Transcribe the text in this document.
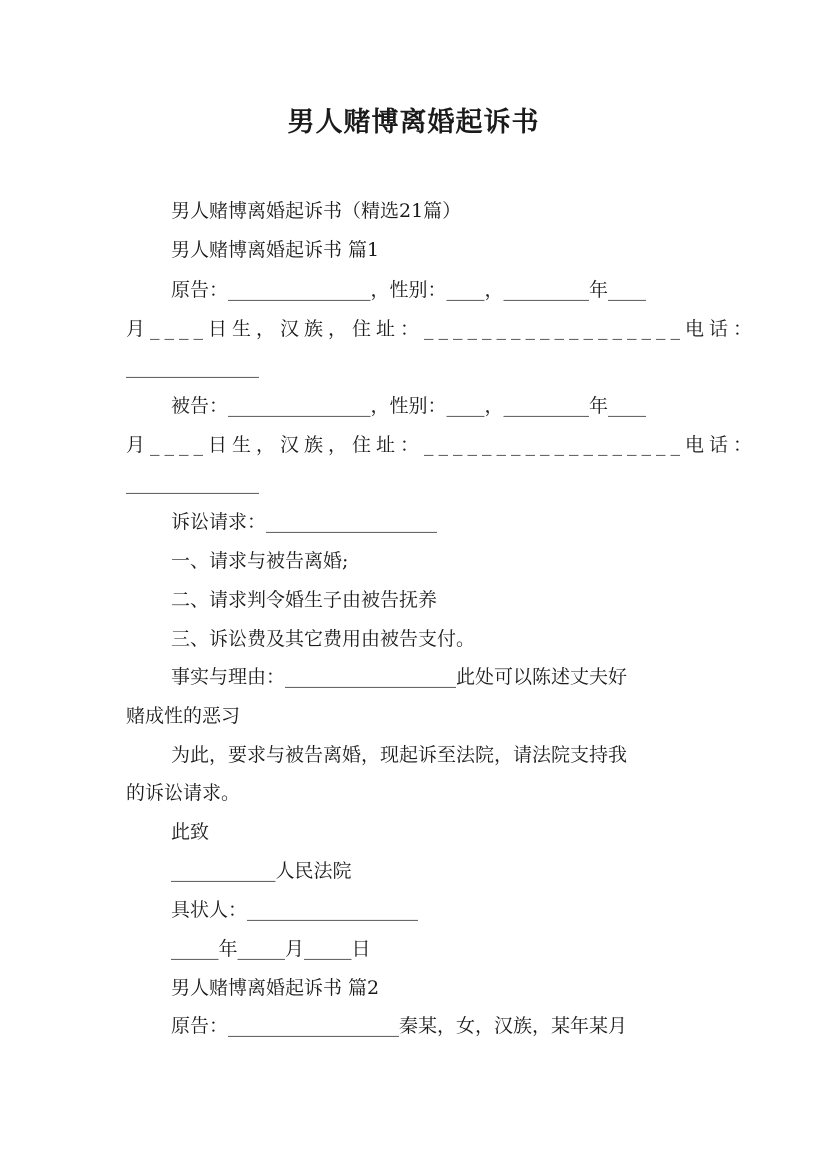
男人赌博离婚起诉书
男人赌博离婚起诉书（精选21篇）
男人赌博离婚起诉书 篇1
原告：_______________，性别：____，_________年____
月____日生，汉族，住址：__________________电话：
______________
被告：_______________，性别：____，_________年____
月____日生，汉族，住址：__________________电话：
______________
诉讼请求：__________________
一、请求与被告离婚;
二、请求判令婚生子由被告抚养
三、诉讼费及其它费用由被告支付。
事实与理由：__________________此处可以陈述丈夫好
赌成性的恶习
为此，要求与被告离婚，现起诉至法院，请法院支持我
的诉讼请求。
此致
___________人民法院
具状人：__________________
_____年_____月_____日
男人赌博离婚起诉书 篇2
原告：__________________秦某，女，汉族，某年某月
